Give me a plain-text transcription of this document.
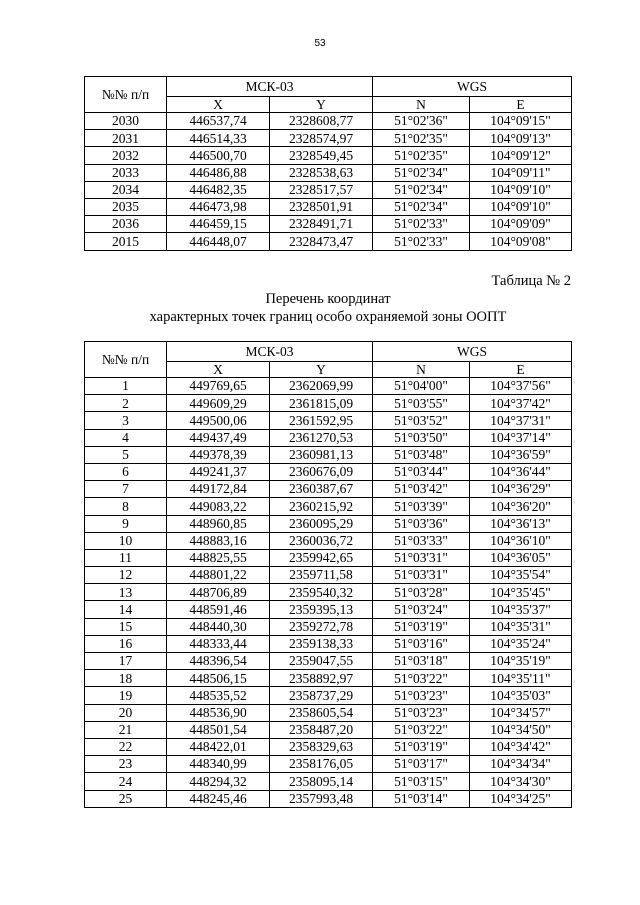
53
№№ п/п	МСК-03		WGS	
	X	Y	N	E
2030	446537,74	2328608,77	51°02'36"	104°09'15"
2031	446514,33	2328574,97	51°02'35"	104°09'13"
2032	446500,70	2328549,45	51°02'35"	104°09'12"
2033	446486,88	2328538,63	51°02'34"	104°09'11"
2034	446482,35	2328517,57	51°02'34"	104°09'10"
2035	446473,98	2328501,91	51°02'34"	104°09'10"
2036	446459,15	2328491,71	51°02'33"	104°09'09"
2015	446448,07	2328473,47	51°02'33"	104°09'08"
Таблица № 2
Перечень координат
характерных точек границ особо охраняемой зоны ООПТ
№№ п/п	МСК-03		WGS	
	X	Y	N	E
1	449769,65	2362069,99	51°04'00"	104°37'56"
2	449609,29	2361815,09	51°03'55"	104°37'42"
3	449500,06	2361592,95	51°03'52"	104°37'31"
4	449437,49	2361270,53	51°03'50"	104°37'14"
5	449378,39	2360981,13	51°03'48"	104°36'59"
6	449241,37	2360676,09	51°03'44"	104°36'44"
7	449172,84	2360387,67	51°03'42"	104°36'29"
8	449083,22	2360215,92	51°03'39"	104°36'20"
9	448960,85	2360095,29	51°03'36"	104°36'13"
10	448883,16	2360036,72	51°03'33"	104°36'10"
11	448825,55	2359942,65	51°03'31"	104°36'05"
12	448801,22	2359711,58	51°03'31"	104°35'54"
13	448706,89	2359540,32	51°03'28"	104°35'45"
14	448591,46	2359395,13	51°03'24"	104°35'37"
15	448440,30	2359272,78	51°03'19"	104°35'31"
16	448333,44	2359138,33	51°03'16"	104°35'24"
17	448396,54	2359047,55	51°03'18"	104°35'19"
18	448506,15	2358892,97	51°03'22"	104°35'11"
19	448535,52	2358737,29	51°03'23"	104°35'03"
20	448536,90	2358605,54	51°03'23"	104°34'57"
21	448501,54	2358487,20	51°03'22"	104°34'50"
22	448422,01	2358329,63	51°03'19"	104°34'42"
23	448340,99	2358176,05	51°03'17"	104°34'34"
24	448294,32	2358095,14	51°03'15"	104°34'30"
25	448245,46	2357993,48	51°03'14"	104°34'25"
